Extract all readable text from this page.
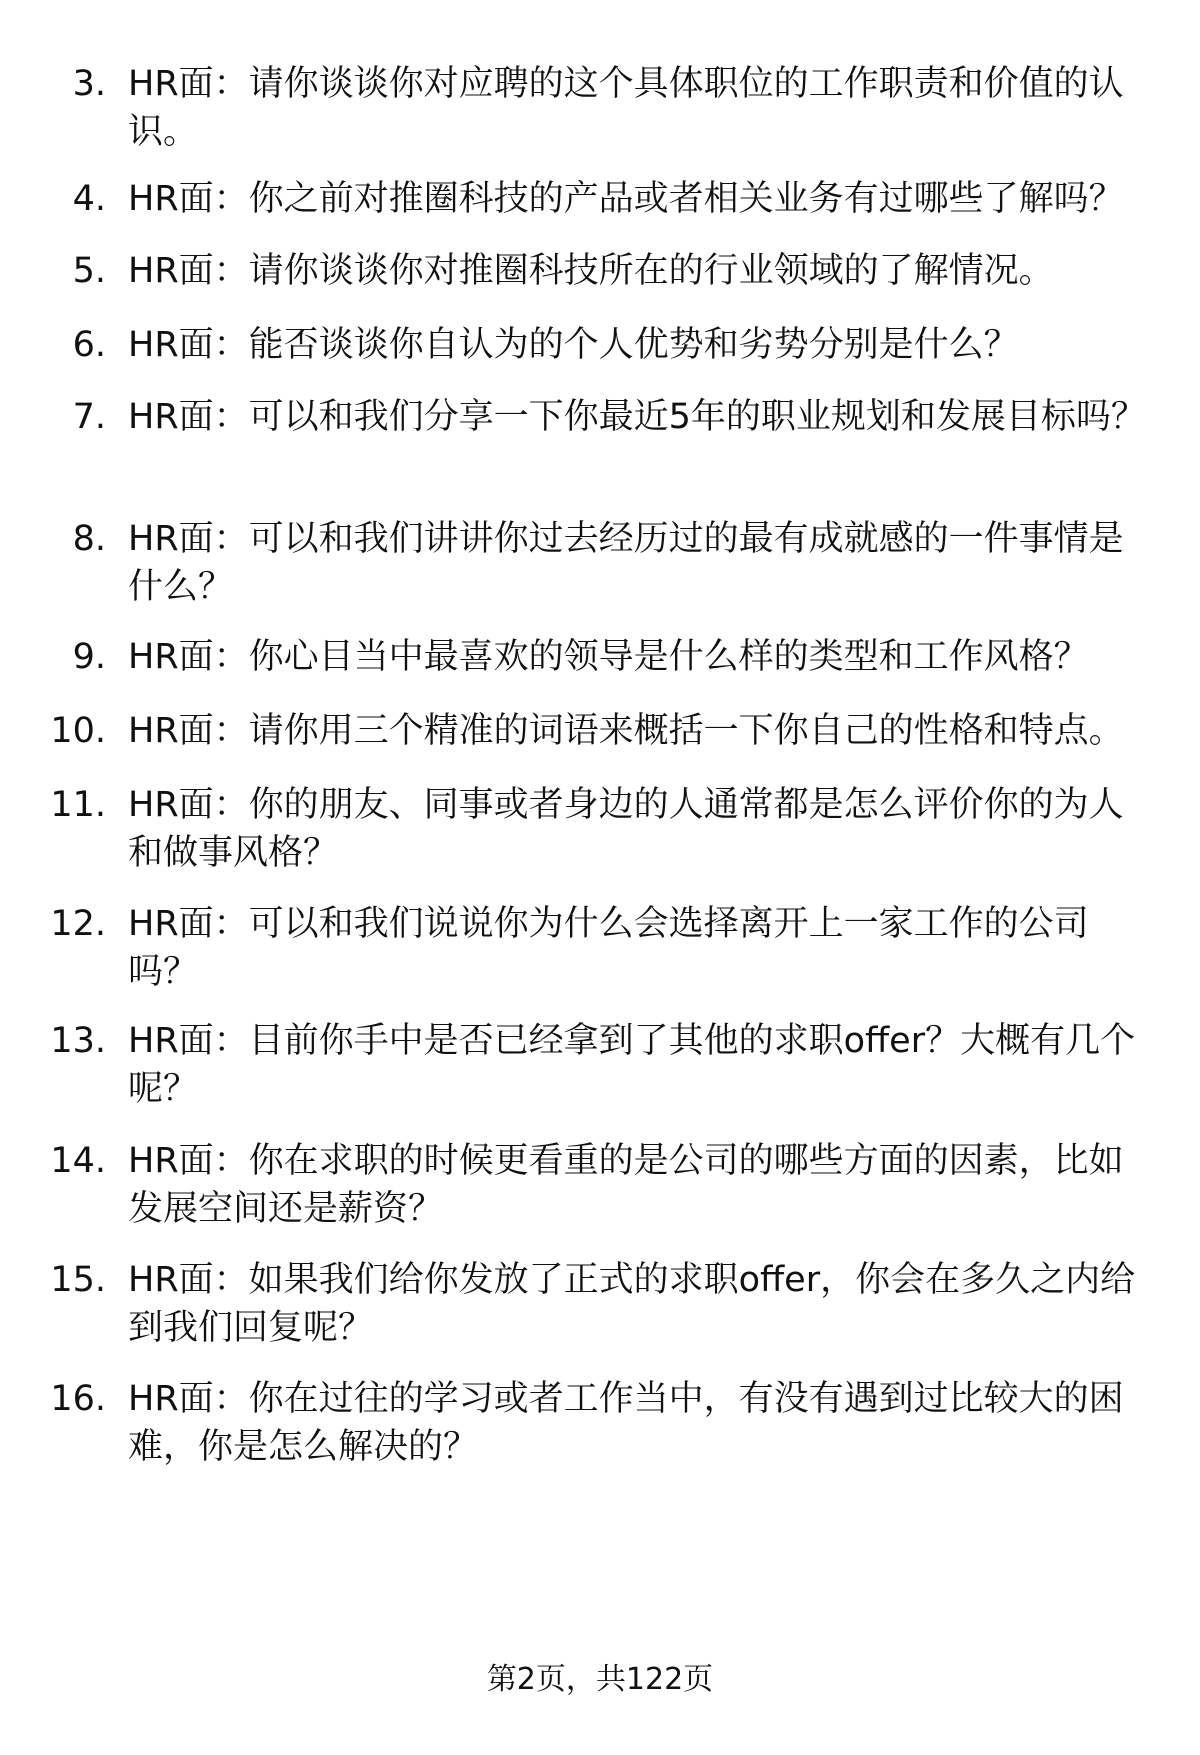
3. HR面：请你谈谈你对应聘的这个具体职位的工作职责和价值的认识。
4. HR面：你之前对推圈科技的产品或者相关业务有过哪些了解吗？
5. HR面：请你谈谈你对推圈科技所在的行业领域的了解情况。
6. HR面：能否谈谈你自认为的个人优势和劣势分别是什么？
7. HR面：可以和我们分享一下你最近5年的职业规划和发展目标吗？
8. HR面：可以和我们讲讲你过去经历过的最有成就感的一件事情是什么？
9. HR面：你心目当中最喜欢的领导是什么样的类型和工作风格？
10. HR面：请你用三个精准的词语来概括一下你自己的性格和特点。
11. HR面：你的朋友、同事或者身边的人通常都是怎么评价你的为人和做事风格？
12. HR面：可以和我们说说你为什么会选择离开上一家工作的公司吗？
13. HR面：目前你手中是否已经拿到了其他的求职offer？大概有几个呢？
14. HR面：你在求职的时候更看重的是公司的哪些方面的因素，比如发展空间还是薪资？
15. HR面：如果我们给你发放了正式的求职offer，你会在多久之内给到我们回复呢？
16. HR面：你在过往的学习或者工作当中，有没有遇到过比较大的困难，你是怎么解决的？
第2页，共122页
